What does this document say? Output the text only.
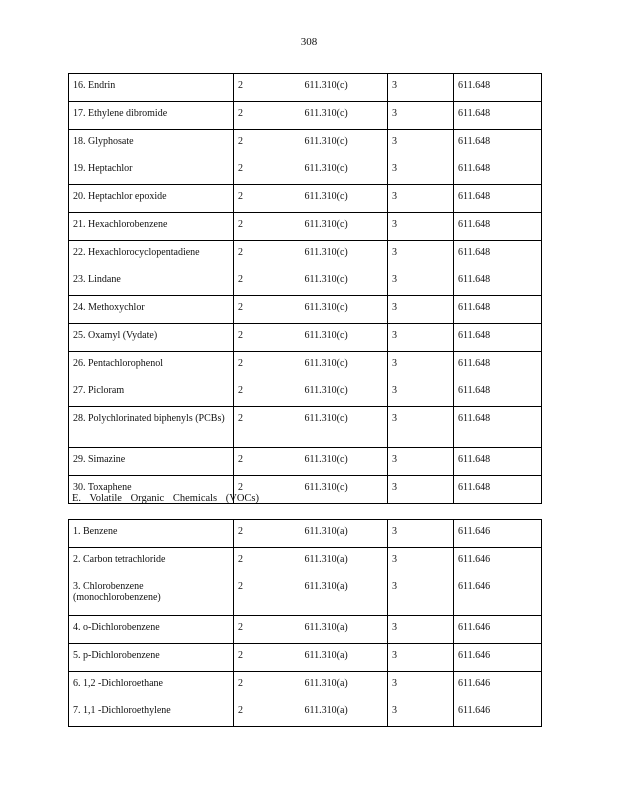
308
16. Endrin	2	611.310(c)	3	611.648
17. Ethylene dibromide	2	611.310(c)	3	611.648
18. Glyphosate	2	611.310(c)	3	611.648
19. Heptachlor	2	611.310(c)	3	611.648
20. Heptachlor epoxide	2	611.310(c)	3	611.648
21. Hexachlorobenzene	2	611.310(c)	3	611.648
22. Hexachlorocyclopentadiene	2	611.310(c)	3	611.648
23. Lindane	2	611.310(c)	3	611.648
24. Methoxychlor	2	611.310(c)	3	611.648
25. Oxamyl (Vydate)	2	611.310(c)	3	611.648
26. Pentachlorophenol	2	611.310(c)	3	611.648
27. Picloram	2	611.310(c)	3	611.648
28. Polychlorinated biphenyls (PCBs)	2	611.310(c)	3	611.648
29. Simazine	2	611.310(c)	3	611.648
30. Toxaphene	2	611.310(c)	3	611.648
E. Volatile Organic Chemicals (VOCs)
1. Benzene	2	611.310(a)	3	611.646
2. Carbon tetrachloride	2	611.310(a)	3	611.646
3. Chlorobenzene (monochlorobenzene)	2	611.310(a)	3	611.646
4. o-Dichlorobenzene	2	611.310(a)	3	611.646
5. p-Dichlorobenzene	2	611.310(a)	3	611.646
6. 1,2 -Dichloroethane	2	611.310(a)	3	611.646
7. 1,1 -Dichloroethylene	2	611.310(a)	3	611.646
